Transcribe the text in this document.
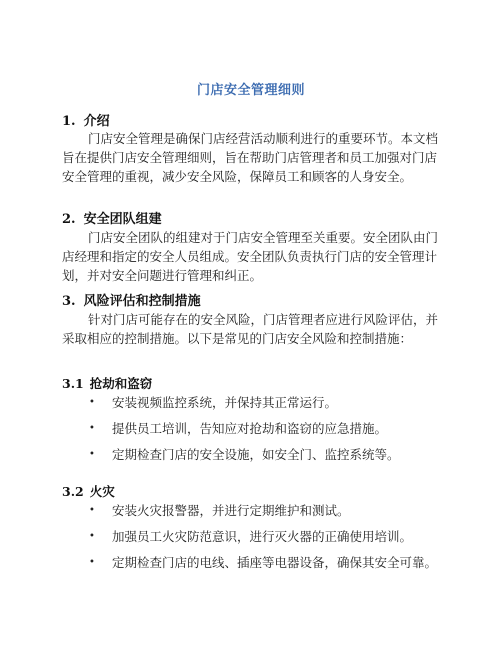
门店安全管理细则
1. 介绍
门店安全管理是确保门店经营活动顺利进行的重要环节。本文档旨在提供门店安全管理细则，旨在帮助门店管理者和员工加强对门店安全管理的重视，减少安全风险，保障员工和顾客的人身安全。
2. 安全团队组建
门店安全团队的组建对于门店安全管理至关重要。安全团队由门店经理和指定的安全人员组成。安全团队负责执行门店的安全管理计划，并对安全问题进行管理和纠正。
3. 风险评估和控制措施
针对门店可能存在的安全风险，门店管理者应进行风险评估，并采取相应的控制措施。以下是常见的门店安全风险和控制措施：
3.1 抢劫和盗窃
• 安装视频监控系统，并保持其正常运行。
• 提供员工培训，告知应对抢劫和盗窃的应急措施。
• 定期检查门店的安全设施，如安全门、监控系统等。
3.2 火灾
• 安装火灾报警器，并进行定期维护和测试。
• 加强员工火灾防范意识，进行灭火器的正确使用培训。
• 定期检查门店的电线、插座等电器设备，确保其安全可靠。
